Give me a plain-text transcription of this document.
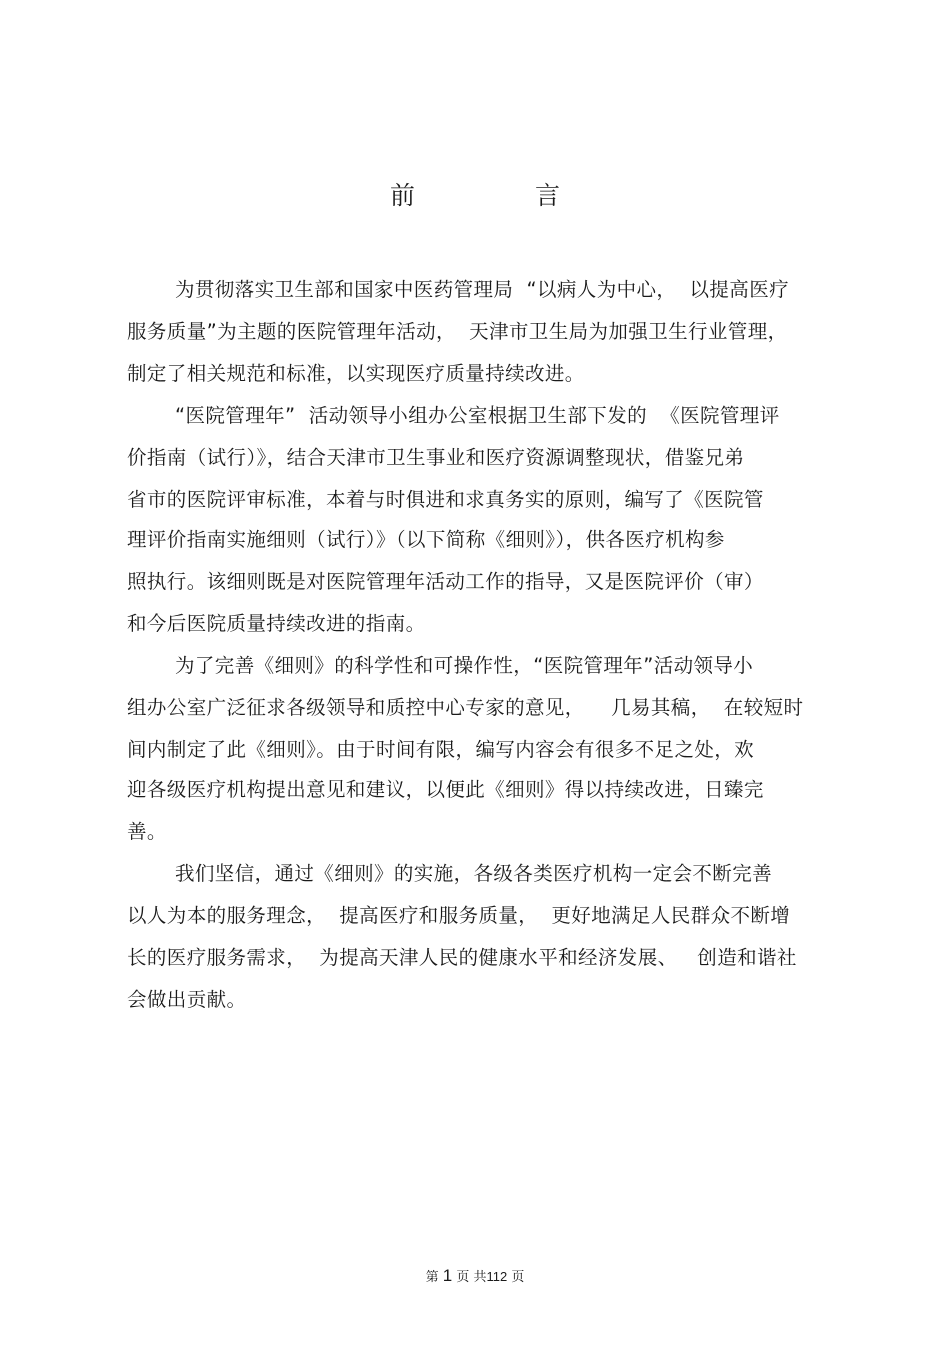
前 言
为贯彻落实卫生部和国家中医药管理局  “以病人为中心，  以提高医疗
服务质量”为主题的医院管理年活动，  天津市卫生局为加强卫生行业管理，
制定了相关规范和标准，以实现医疗质量持续改进。
“医院管理年”  活动领导小组办公室根据卫生部下发的  《医院管理评
价指南（试行）》，结合天津市卫生事业和医疗资源调整现状，借鉴兄弟
省市的医院评审标准，本着与时俱进和求真务实的原则，编写了《医院管
理评价指南实施细则（试行）》（以下简称《细则》），供各医疗机构参
照执行。该细则既是对医院管理年活动工作的指导，又是医院评价（审）
和今后医院质量持续改进的指南。
为了完善《细则》的科学性和可操作性，“医院管理年”活动领导小
组办公室广泛征求各级领导和质控中心专家的意见，    几易其稿，  在较短时
间内制定了此《细则》。由于时间有限，编写内容会有很多不足之处，欢
迎各级医疗机构提出意见和建议，以便此《细则》得以持续改进，日臻完
善。
我们坚信，通过《细则》的实施，各级各类医疗机构一定会不断完善
以人为本的服务理念，  提高医疗和服务质量，  更好地满足人民群众不断增
长的医疗服务需求，  为提高天津人民的健康水平和经济发展、   创造和谐社
会做出贡献。
第 1 页 共112 页
